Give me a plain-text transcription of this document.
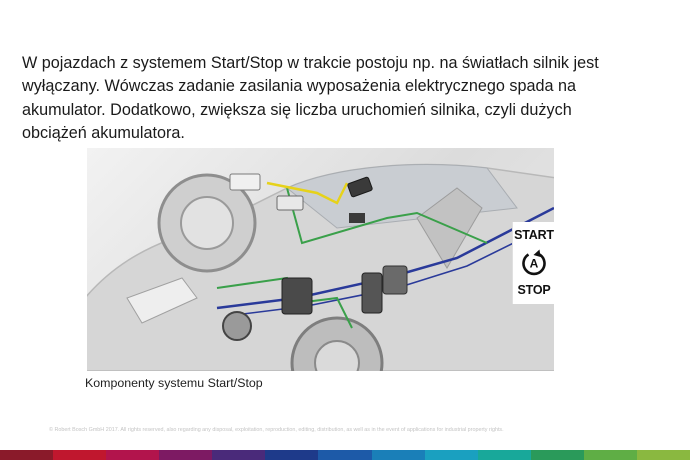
W pojazdach z systemem Start/Stop w trakcie postoju np. na światłach silnik jest
wyłączany. Wówczas zadanie zasilania wyposażenia elektrycznego spada na
akumulator. Dodatkowo, zwiększa się liczba uruchomień silnika, czyli dużych
obciążeń akumulatora.

START
A
STOP
Komponenty systemu Start/Stop
© Robert Bosch GmbH 2017. All rights reserved, also regarding any disposal, exploitation, reproduction, editing, distribution, as well as in the event of applications for industrial property rights.
